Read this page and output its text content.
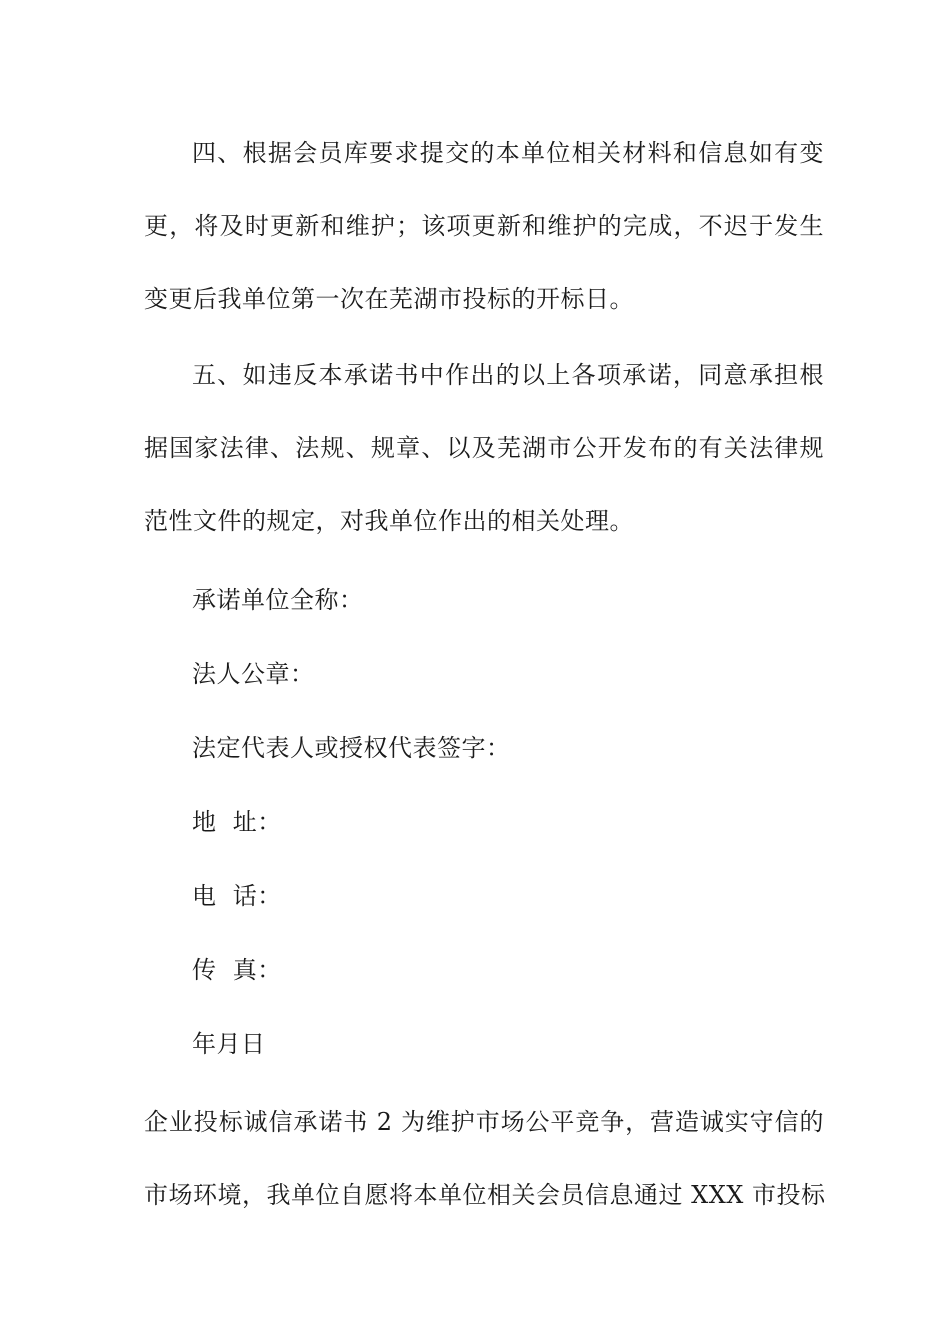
四、根据会员库要求提交的本单位相关材料和信息如有变
更，将及时更新和维护；该项更新和维护的完成，不迟于发生
变更后我单位第一次在芜湖市投标的开标日。
五、如违反本承诺书中作出的以上各项承诺，同意承担根
据国家法律、法规、规章、以及芜湖市公开发布的有关法律规
范性文件的规定，对我单位作出的相关处理。
承诺单位全称：
法人公章：
法定代表人或授权代表签字：
地  址：
电  话：
传  真：
年月日
企业投标诚信承诺书 2 为维护市场公平竞争，营造诚实守信的
市场环境，我单位自愿将本单位相关会员信息通过 XXX 市投标
